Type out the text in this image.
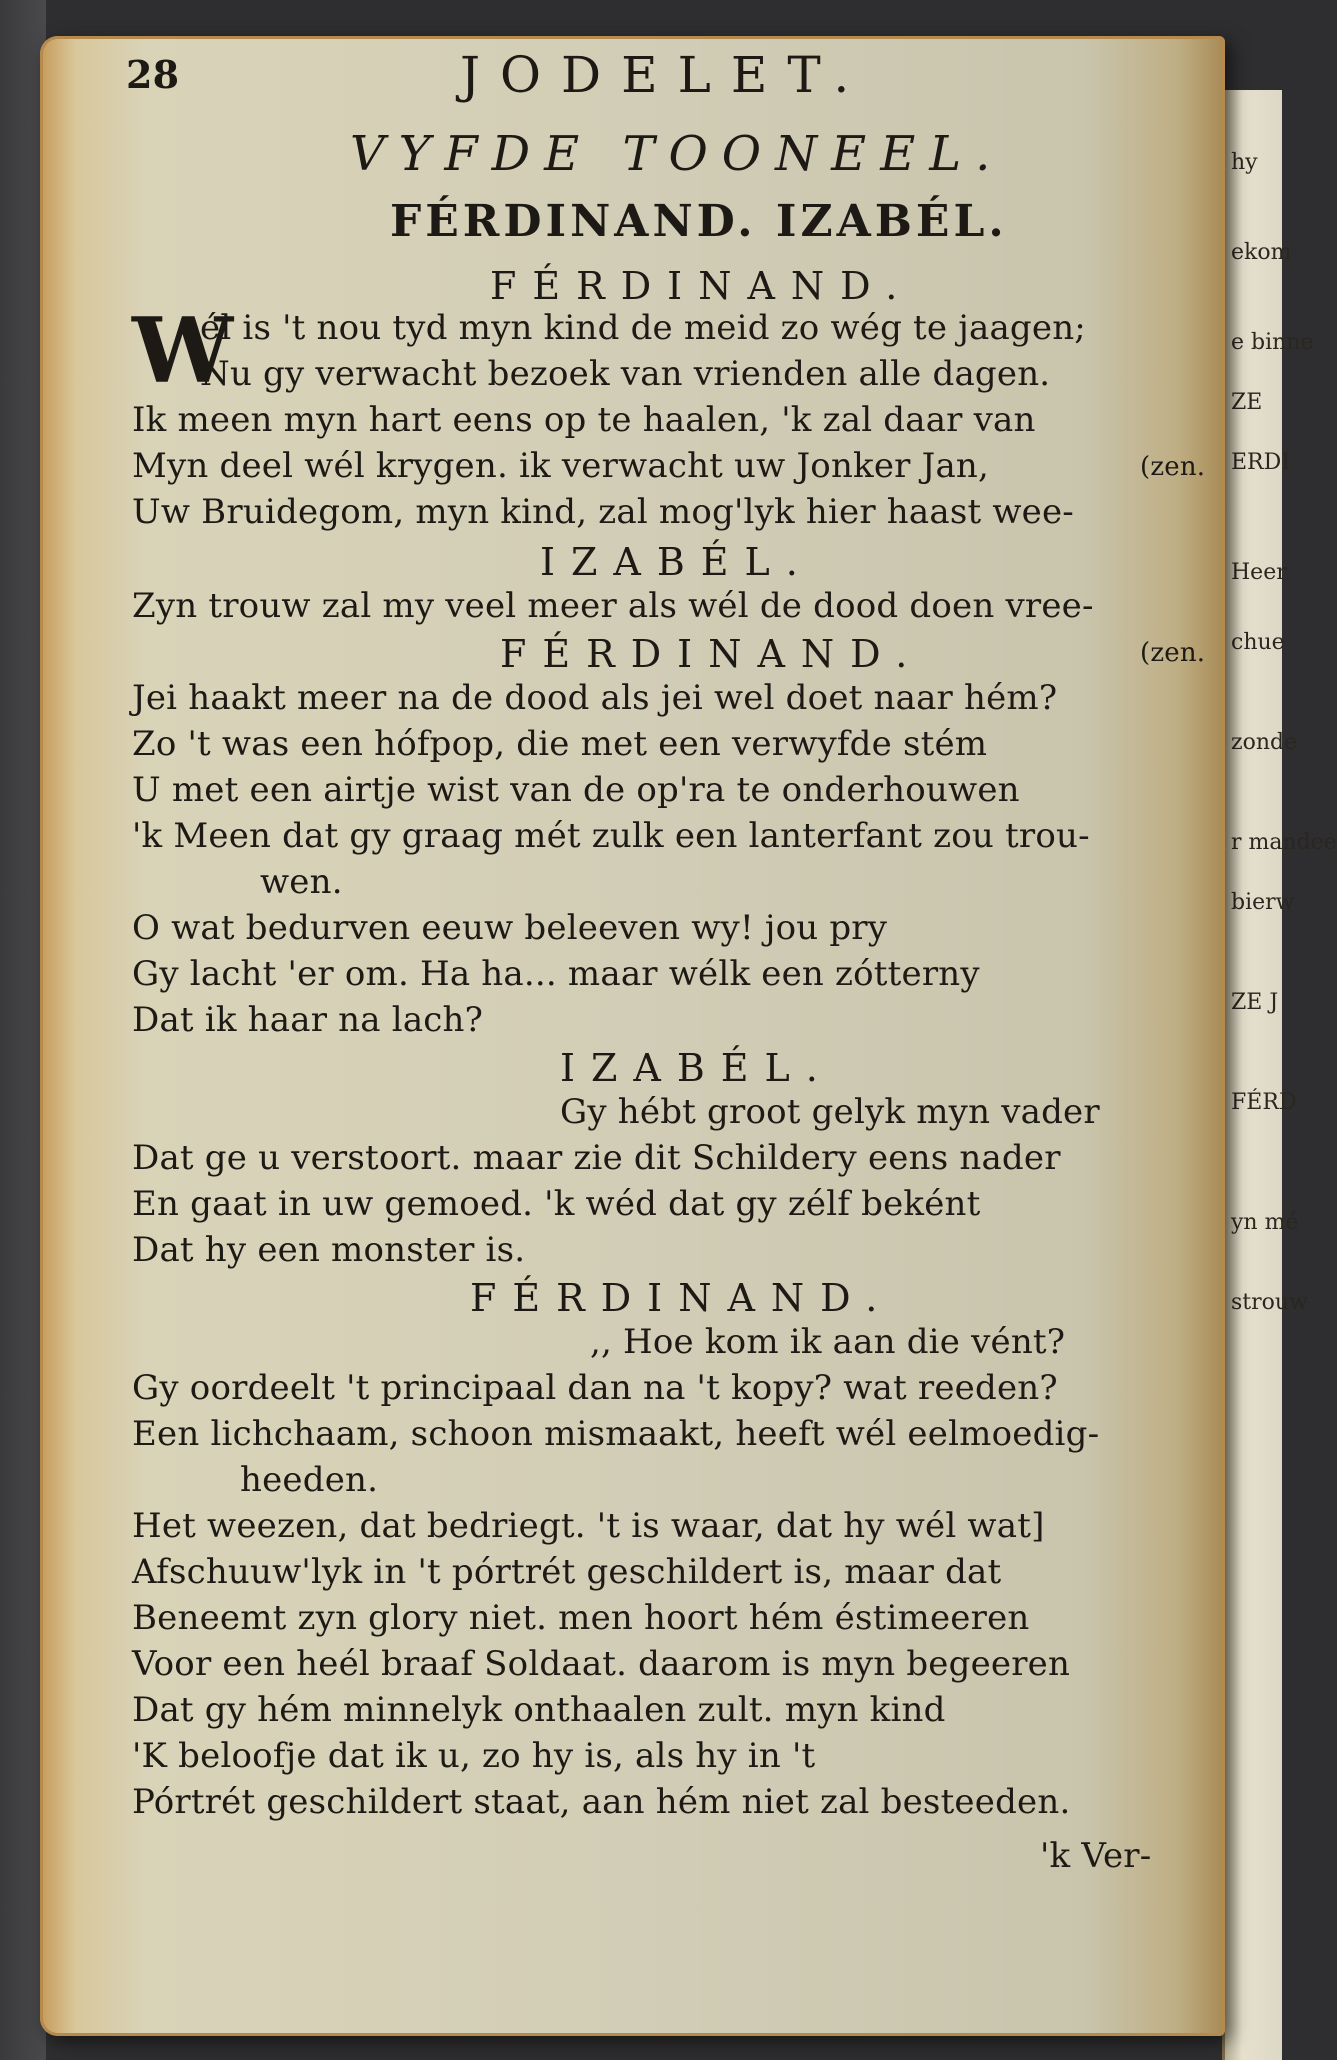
hy
ekom
e binne
ZE
ERDI
Heer
chue
zonde
r mandee
bierw
ZE J
FÉRD
yn mé
strouw
28	JODELET.
VYFDE TOONEEL.
FÉRDINAND. IZABÉL.
FÉRDINAND.
W
él is 't nou tyd myn kind de meid zo wég te jaagen;
Nu gy verwacht bezoek van vrienden alle dagen.
Ik meen myn hart eens op te haalen, 'k zal daar van
Myn deel wél krygen. ik verwacht uw Jonker Jan,	(zen.
Uw Bruidegom, myn kind, zal mog'lyk hier haast wee-
IZABÉL.
Zyn trouw zal my veel meer als wél de dood doen vree-
FÉRDINAND.	(zen.
Jei haakt meer na de dood als jei wel doet naar hém?
Zo 't was een hófpop, die met een verwyfde stém
U met een airtje wist van de op'ra te onderhouwen
'k Meen dat gy graag mét zulk een lanterfant zou trou-
wen.
O wat bedurven eeuw beleeven wy! jou pry
Gy lacht 'er om. Ha ha... maar wélk een zótterny
Dat ik haar na lach?
IZABÉL.
Gy hébt groot gelyk myn vader
Dat ge u verstoort. maar zie dit Schildery eens nader
En gaat in uw gemoed. 'k wéd dat gy zélf beként
Dat hy een monster is.
FÉRDINAND.
,, Hoe kom ik aan die vént?
Gy oordeelt 't principaal dan na 't kopy? wat reeden?
Een lichchaam, schoon mismaakt, heeft wél eelmoedig-
heeden.
Het weezen, dat bedriegt. 't is waar, dat hy wél wat]
Afschuuw'lyk in 't pórtrét geschildert is, maar dat
Beneemt zyn glory niet. men hoort hém éstimeeren
Voor een heél braaf Soldaat. daarom is myn begeeren
Dat gy hém minnelyk onthaalen zult. myn kind
'K beloofje dat ik u, zo hy is, als hy in 't
Pórtrét geschildert staat, aan hém niet zal besteeden.
'k Ver-
